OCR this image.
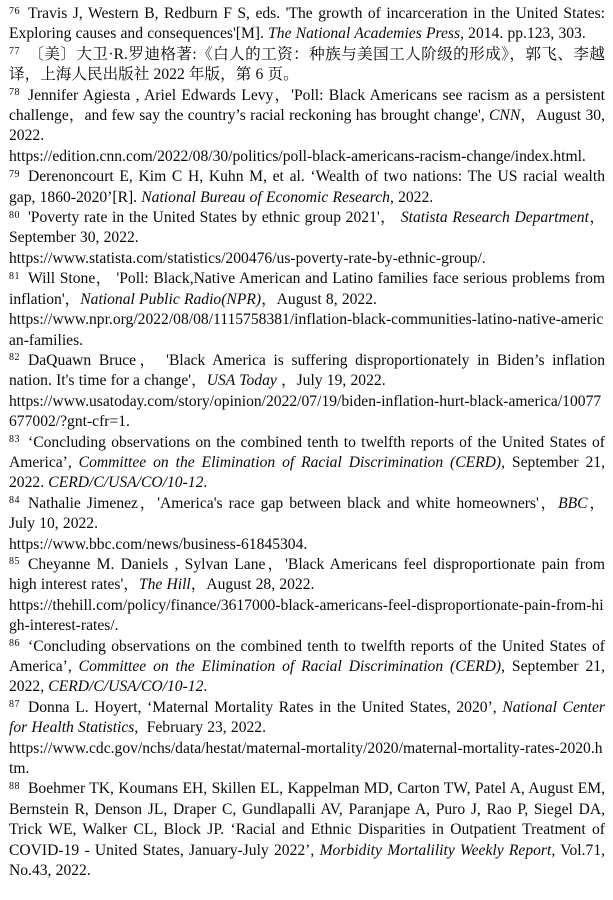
$^{76}$ Travis J, Western B, Redburn F S, eds. 'The growth of incarceration in the United States: Exploring causes and consequences'[M]. The National Academies Press, 2014. pp.123, 303.

$^{77}$ 〔美〕大卫·R.罗迪格著:《白人的工资：种族与美国工人阶级的形成》，郭飞、李越译，上海人民出版社 2022 年版，第 6 页。

$^{78}$ Jennifer Agiesta , Ariel Edwards Levy，'Poll: Black Americans see racism as a persistent challenge，and few say the country’s racial reckoning has brought change', CNN，August 30, 2022.
https://edition.cnn.com/2022/08/30/politics/poll-black-americans-racism-change/index.html.

$^{79}$ Derenoncourt E, Kim C H, Kuhn M, et al. ‘Wealth of two nations: The US racial wealth gap, 1860-2020’[R]. National Bureau of Economic Research, 2022.

$^{80}$ 'Poverty rate in the United States by ethnic group 2021'， Statista Research Department，September 30, 2022.
https://www.statista.com/statistics/200476/us-poverty-rate-by-ethnic-group/.

$^{81}$ Will Stone， 'Poll: Black,Native American and Latino families face serious problems from inflation'，National Public Radio(NPR)，August 8, 2022.
https://www.npr.org/2022/08/08/1115758381/inflation-black-communities-latino-native-american-families.

$^{82}$ DaQuawn Bruce， 'Black America is suffering disproportionately in Biden’s inflation nation. It's time for a change'，USA Today ，July 19, 2022.
https://www.usatoday.com/story/opinion/2022/07/19/biden-inflation-hurt-black-america/10077677002/?gnt-cfr=1.

$^{83}$ ‘Concluding observations on the combined tenth to twelfth reports of the United States of America’, Committee on the Elimination of Racial Discrimination (CERD), September 21, 2022. CERD/C/USA/CO/10-12.

$^{84}$ Nathalie Jimenez，'America's race gap between black and white homeowners'，BBC，July 10, 2022.
https://www.bbc.com/news/business-61845304.

$^{85}$ Cheyanne M. Daniels , Sylvan Lane，'Black Americans feel disproportionate pain from high interest rates'，The Hill，August 28, 2022.
https://thehill.com/policy/finance/3617000-black-americans-feel-disproportionate-pain-from-high-interest-rates/.

$^{86}$ ‘Concluding observations on the combined tenth to twelfth reports of the United States of America’, Committee on the Elimination of Racial Discrimination (CERD), September 21, 2022, CERD/C/USA/CO/10-12.

$^{87}$ Donna L. Hoyert, ‘Maternal Mortality Rates in the United States, 2020’, National Center for Health Statistics,  February 23, 2022.
https://www.cdc.gov/nchs/data/hestat/maternal-mortality/2020/maternal-mortality-rates-2020.htm.

$^{88}$ Boehmer TK, Koumans EH, Skillen EL, Kappelman MD, Carton TW, Patel A, August EM, Bernstein R, Denson JL, Draper C, Gundlapalli AV, Paranjape A, Puro J, Rao P, Siegel DA, Trick WE, Walker CL, Block JP. ‘Racial and Ethnic Disparities in Outpatient Treatment of COVID-19 - United States, January-July 2022’, Morbidity Mortalility Weekly Report, Vol.71, No.43, 2022.
